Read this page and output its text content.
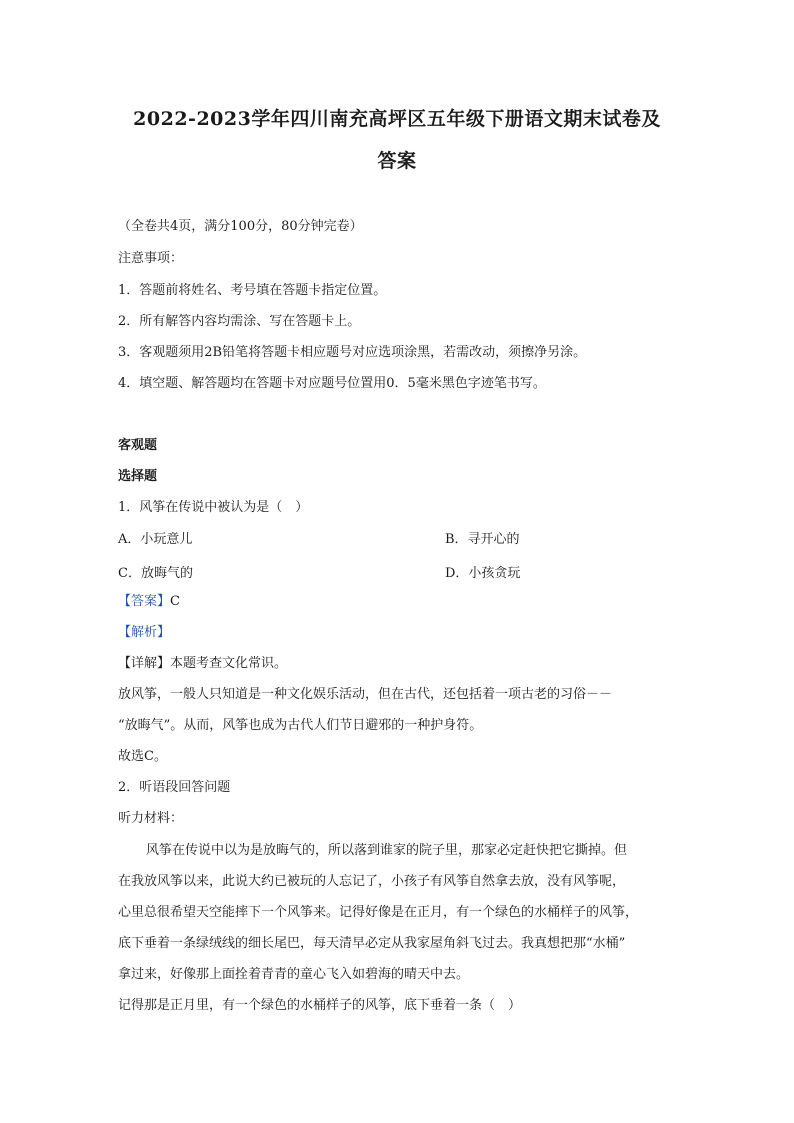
2022-2023学年四川南充高坪区五年级下册语文期末试卷及
答案
（全卷共4页，满分100分，80分钟完卷）
注意事项：
1．答题前将姓名、考号填在答题卡指定位置。
2．所有解答内容均需涂、写在答题卡上。
3．客观题须用2B铅笔将答题卡相应题号对应选项涂黑，若需改动，须擦净另涂。
4．填空题、解答题均在答题卡对应题号位置用0．5毫米黑色字迹笔书写。
客观题
选择题
1．风筝在传说中被认为是（　）
A．小玩意儿	B．寻开心的
C．放晦气的	D．小孩贪玩
【答案】C
【解析】
【详解】本题考查文化常识。
放风筝，一般人只知道是一种文化娱乐活动，但在古代，还包括着一项古老的习俗－－
“放晦气”。从而，风筝也成为古代人们节日避邪的一种护身符。
故选C。
2．听语段回答问题
听力材料：
风筝在传说中以为是放晦气的，所以落到谁家的院子里，那家必定赶快把它撕掉。但
在我放风筝以来，此说大约已被玩的人忘记了，小孩子有风筝自然拿去放，没有风筝呢，
心里总很希望天空能摔下一个风筝来。记得好像是在正月，有一个绿色的水桶样子的风筝，
底下垂着一条绿绒线的细长尾巴，每天清早必定从我家屋角斜飞过去。我真想把那“水桶”
拿过来，好像那上面拴着青青的童心飞入如碧海的晴天中去。
记得那是正月里，有一个绿色的水桶样子的风筝，底下垂着一条（　）
